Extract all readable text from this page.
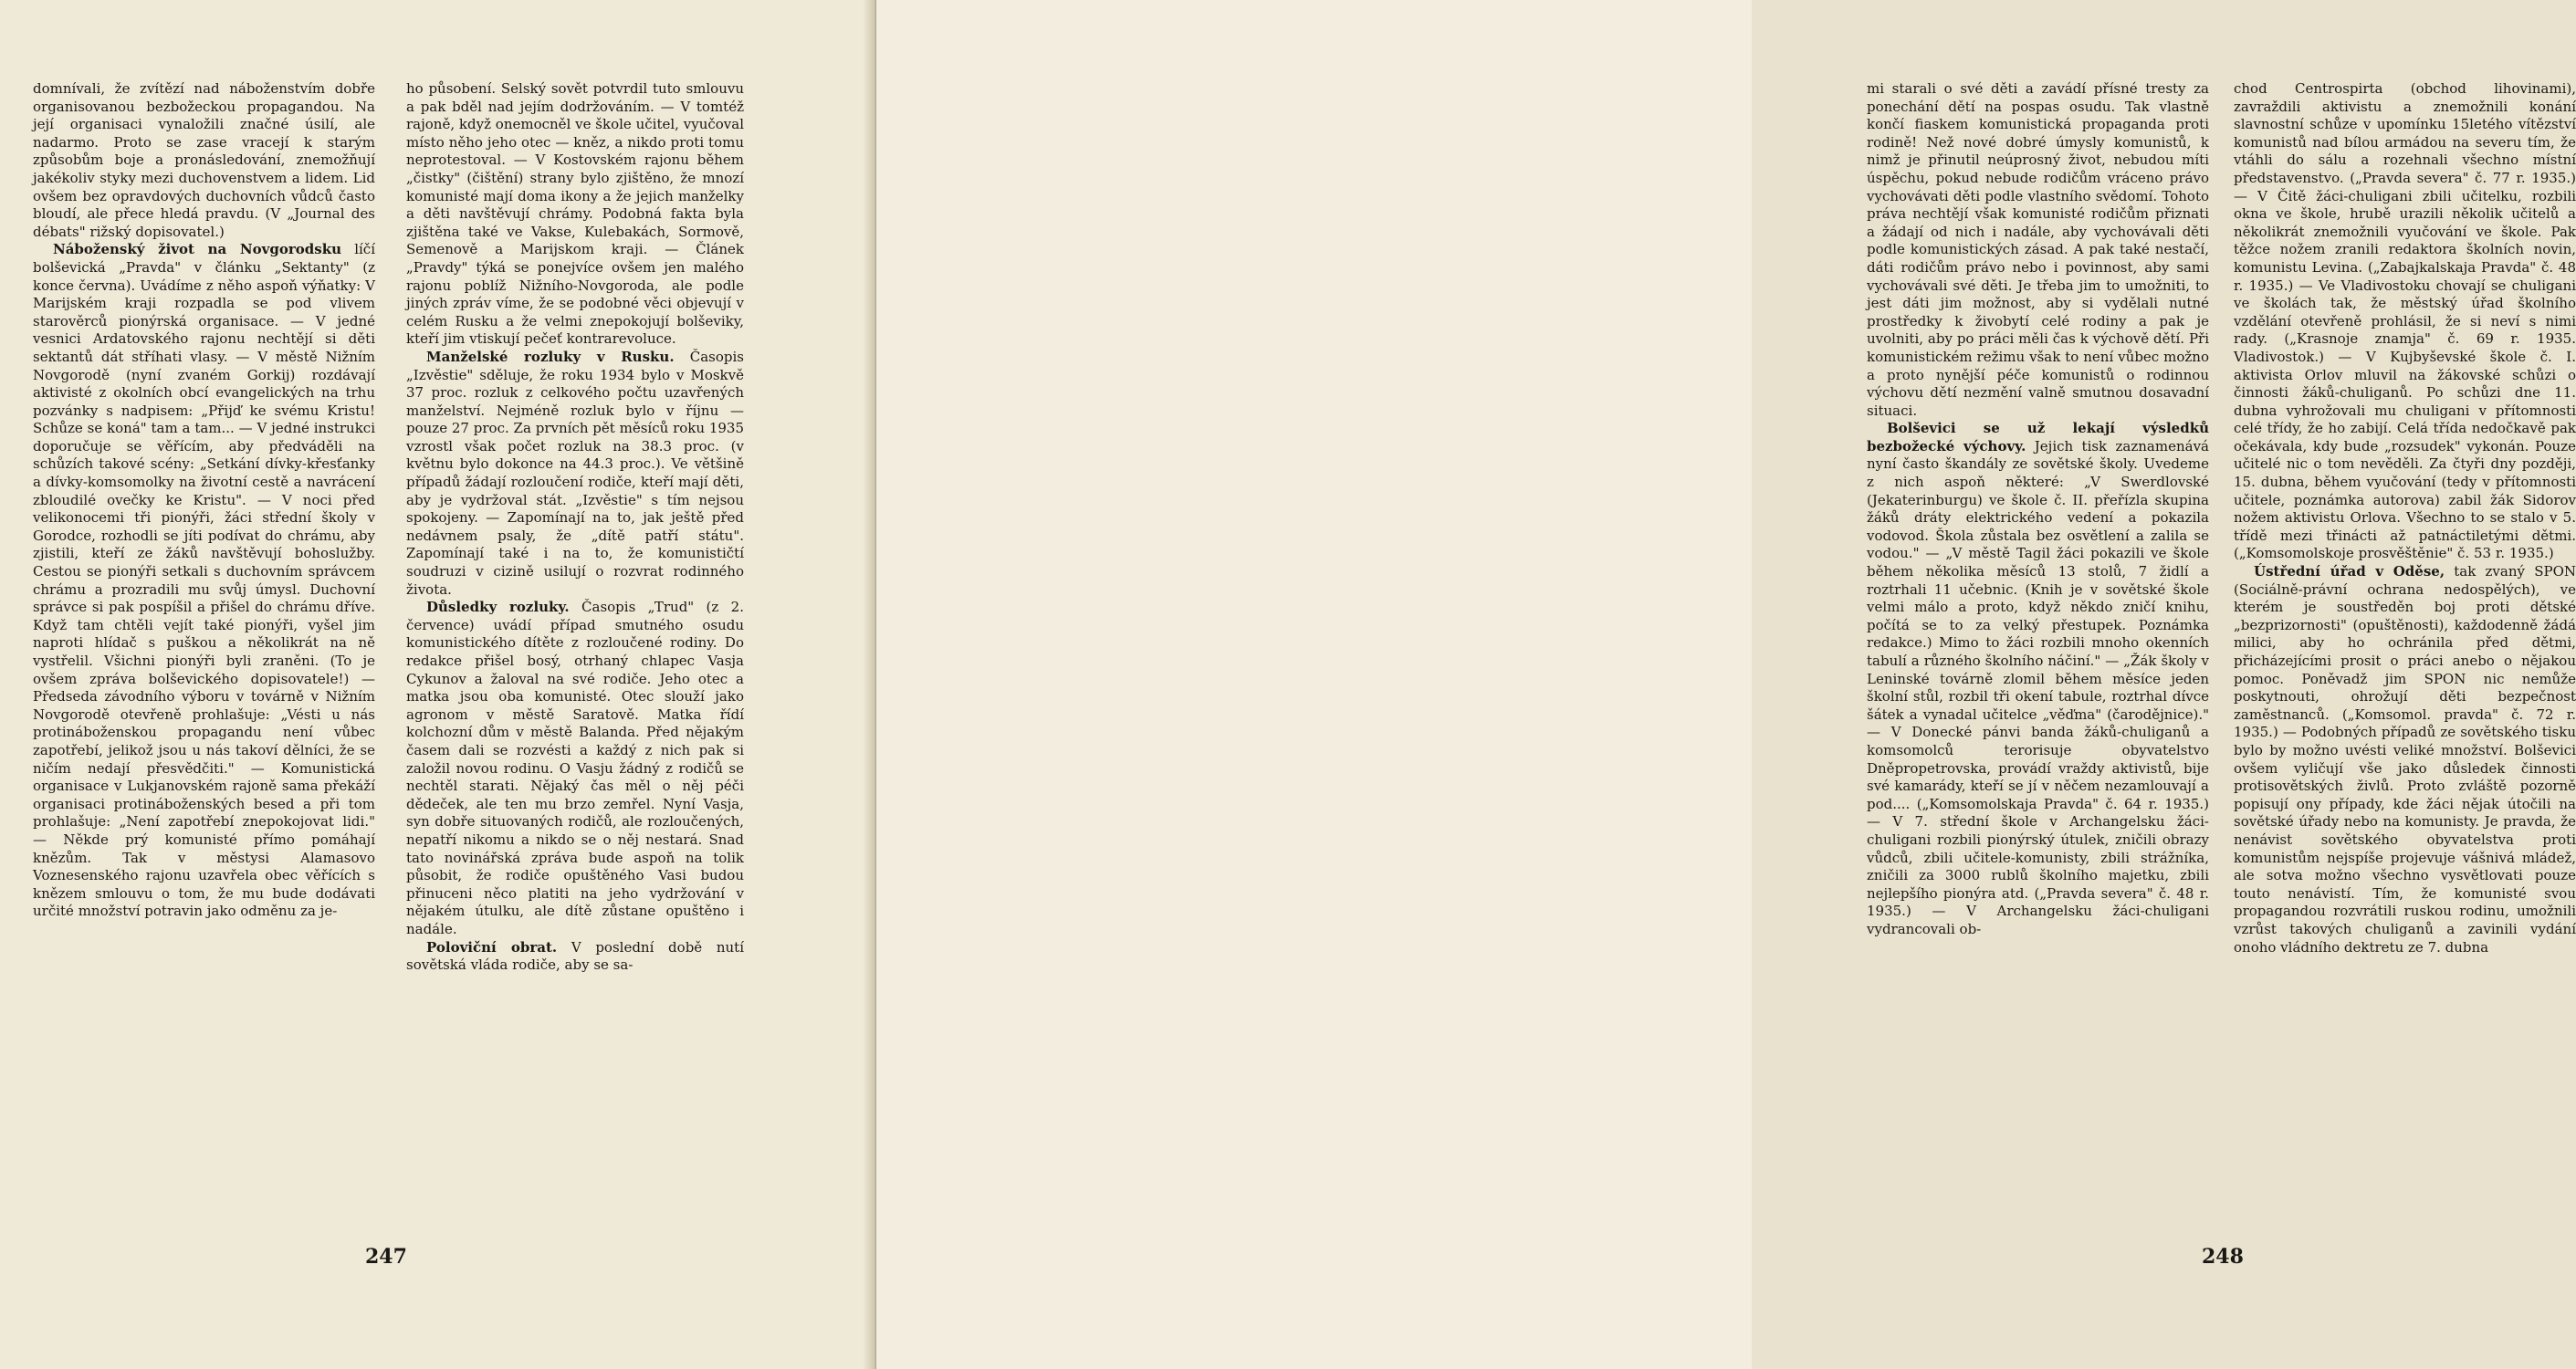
domnívali, že zvítězí nad náboženstvím dobře organisovanou bezbožeckou propagandou. Na její organisaci vynaložili značné úsilí, ale nadarmo. Proto se zase vracejí k starým způsobům boje a pronásledování, znemožňují jakékoliv styky mezi duchovenstvem a lidem. Lid ovšem bez opravdových duchovních vůdců často bloudí, ale přece hledá pravdu. (V „Journal des débats" rižský dopisovatel.)

Náboženský život na Novgorodsku líčí bolševická „Pravda" v článku „Sektanty" (z konce června). Uvádíme z něho aspoň výňatky: V Marijském kraji rozpadla se pod vlivem starověrců pionýrská organisace. — V jedné vesnici Ardatovského rajonu nechtějí si děti sektantů dát stříhati vlasy. — V městě Nižním Novgorodě (nyní zvaném Gorkij) rozdávají aktivisté z okolních obcí evangelických na trhu pozvánky s nadpisem: „Přijď ke svému Kristu! Schůze se koná" tam a tam... — V jedné instrukci doporučuje se věřícím, aby předváděli na schůzích takové scény: „Setkání dívky-křesťanky a dívky-komsomolky na životní cestě a navrácení zbloudilé ovečky ke Kristu". — V noci před velikonocemi tři pionýři, žáci střední školy v Gorodce, rozhodli se jíti podívat do chrámu, aby zjistili, kteří ze žáků navštěvují bohoslužby. Cestou se pionýři setkali s duchovním správcem chrámu a prozradili mu svůj úmysl. Duchovní správce si pak pospíšil a přišel do chrámu dříve. Když tam chtěli vejít také pionýři, vyšel jim naproti hlídač s puškou a několikrát na ně vystřelil. Všichni pionýři byli zraněni. (To je ovšem zpráva bolševického dopisovatele!) — Předseda závodního výboru v továrně v Nižním Novgorodě otevřeně prohlašuje: „Vésti u nás protináboženskou propagandu není vůbec zapotřebí, jelikož jsou u nás takoví dělníci, že se ničím nedají přesvědčiti." — Komunistická organisace v Lukjanovském rajoně sama překáží organisaci protináboženských besed a při tom prohlašuje: „Není zapotřebí znepokojovat lidi." — Někde prý komunisté přímo pomáhají knězům. Tak v městysi Alamasovo Voznesenského rajonu uzavřela obec věřících s knězem smlouvu o tom, že mu bude dodávati určité množství potravin jako odměnu za je-

ho působení. Selský sovět potvrdil tuto smlouvu a pak bděl nad jejím dodržováním. — V tomtéž rajoně, když onemocněl ve škole učitel, vyučoval místo něho jeho otec — kněz, a nikdo proti tomu neprotestoval. — V Kostovském rajonu během „čistky" (čištění) strany bylo zjištěno, že mnozí komunisté mají doma ikony a že jejich manželky a děti navštěvují chrámy. Podobná fakta byla zjištěna také ve Vakse, Kulebakách, Sormově, Semenově a Marijskom kraji. — Článek „Pravdy" týká se ponejvíce ovšem jen malého rajonu poblíž Nižního-Novgoroda, ale podle jiných zpráv víme, že se podobné věci objevují v celém Rusku a že velmi znepokojují bolševiky, kteří jim vtiskují pečeť kontrarevoluce.

Manželské rozluky v Rusku. Časopis „Izvěstie" sděluje, že roku 1934 bylo v Moskvě 37 proc. rozluk z celkového počtu uzavřených manželství. Nejméně rozluk bylo v říjnu — pouze 27 proc. Za prvních pět měsíců roku 1935 vzrostl však počet rozluk na 38.3 proc. (v květnu bylo dokonce na 44.3 proc.). Ve většině případů žádají rozloučení rodiče, kteří mají děti, aby je vydržoval stát. „Izvěstie" s tím nejsou spokojeny. — Zapomínají na to, jak ještě před nedávnem psaly, že „dítě patří státu". Zapomínají také i na to, že komunističtí soudruzi v cizině usilují o rozvrat rodinného života.

Důsledky rozluky. Časopis „Trud" (z 2. července) uvádí případ smutného osudu komunistického dítěte z rozloučené rodiny. Do redakce přišel bosý, otrhaný chlapec Vasja Cykunov a žaloval na své rodiče. Jeho otec a matka jsou oba komunisté. Otec slouží jako agronom v městě Saratově. Matka řídí kolchozní dům v městě Balanda. Před nějakým časem dali se rozvésti a každý z nich pak si založil novou rodinu. O Vasju žádný z rodičů se nechtěl starati. Nějaký čas měl o něj péči dědeček, ale ten mu brzo zemřel. Nyní Vasja, syn dobře situovaných rodičů, ale rozloučených, nepatří nikomu a nikdo se o něj nestará. Snad tato novinářská zpráva bude aspoň na tolik působit, že rodiče opuštěného Vasi budou přinuceni něco platiti na jeho vydržování v nějakém útulku, ale dítě zůstane opuštěno i nadále.

Poloviční obrat. V poslední době nutí sovětská vláda rodiče, aby se sa-

247

mi starali o své děti a zavádí přísné tresty za ponechání dětí na pospas osudu. Tak vlastně končí fiaskem komunistická propaganda proti rodině! Než nové dobré úmysly komunistů, k nimž je přinutil neúprosný život, nebudou míti úspěchu, pokud nebude rodičům vráceno právo vychovávati děti podle vlastního svědomí. Tohoto práva nechtějí však komunisté rodičům přiznati a žádají od nich i nadále, aby vychovávali děti podle komunistických zásad. A pak také nestačí, dáti rodičům právo nebo i povinnost, aby sami vychovávali své děti. Je třeba jim to umožniti, to jest dáti jim možnost, aby si vydělali nutné prostředky k živobytí celé rodiny a pak je uvolniti, aby po práci měli čas k výchově dětí. Při komunistickém režimu však to není vůbec možno a proto nynější péče komunistů o rodinnou výchovu dětí nezmění valně smutnou dosavadní situaci.

Bolševici se už lekají výsledků bezbožecké výchovy. Jejich tisk zaznamenává nyní často škandály ze sovětské školy. Uvedeme z nich aspoň některé: „V Swerdlovské (Jekaterinburgu) ve škole č. II. přeřízla skupina žáků dráty elektrického vedení a pokazila vodovod. Škola zůstala bez osvětlení a zalila se vodou." — „V městě Tagil žáci pokazili ve škole během několika měsíců 13 stolů, 7 židlí a roztrhali 11 učebnic. (Knih je v sovětské škole velmi málo a proto, když někdo zničí knihu, počítá se to za velký přestupek. Poznámka redakce.) Mimo to žáci rozbili mnoho okenních tabulí a různého školního náčiní." — „Žák školy v Leninské továrně zlomil během měsíce jeden školní stůl, rozbil tři okení tabule, roztrhal dívce šátek a vynadal učitelce „věďma" (čarodějnice)." — V Donecké pánvi banda žáků-chuliganů a komsomolců terorisuje obyvatelstvo Dněpropetrovska, provádí vraždy aktivistů, bije své kamarády, kteří se jí v něčem nezamlouvají a pod.... („Komsomolskaja Pravda" č. 64 r. 1935.) — V 7. střední škole v Archangelsku žáci-chuligani rozbili pionýrský útulek, zničili obrazy vůdců, zbili učitele-komunisty, zbili strážníka, zničili za 3000 rublů školního majetku, zbili nejlepšího pionýra atd. („Pravda severa" č. 48 r. 1935.) — V Archangelsku žáci-chuligani vydrancovali ob-

chod Centrospirta (obchod lihovinami), zavraždili aktivistu a znemožnili konání slavnostní schůze v upomínku 15letého vítězství komunistů nad bílou armádou na severu tím, že vtáhli do sálu a rozehnali všechno místní představenstvo. („Pravda severa" č. 77 r. 1935.) — V Čitě žáci-chuligani zbili učitelku, rozbili okna ve škole, hrubě urazili několik učitelů a několikrát znemožnili vyučování ve škole. Pak těžce nožem zranili redaktora školních novin, komunistu Levina. („Zabajkalskaja Pravda" č. 48 r. 1935.) — Ve Vladivostoku chovají se chuligani ve školách tak, že městský úřad školního vzdělání otevřeně prohlásil, že si neví s nimi rady. („Krasnoje znamja" č. 69 r. 1935. Vladivostok.) — V Kujbyševské škole č. I. aktivista Orlov mluvil na žákovské schůzi o činnosti žáků-chuliganů. Po schůzi dne 11. dubna vyhrožovali mu chuligani v přítomnosti celé třídy, že ho zabijí. Celá třída nedočkavě pak očekávala, kdy bude „rozsudek" vykonán. Pouze učitelé nic o tom nevěděli. Za čtyři dny později, 15. dubna, během vyučování (tedy v přítomnosti učitele, poznámka autorova) zabil žák Sidorov nožem aktivistu Orlova. Všechno to se stalo v 5. třídě mezi třinácti až patnáctiletými dětmi. („Komsomolskoje prosvěštěnie" č. 53 r. 1935.)

Ústřední úřad v Oděse, tak zvaný SPON (Sociálně-právní ochrana nedospělých), ve kterém je soustředěn boj proti dětské „bezprizornosti" (opuštěnosti), každodenně žádá milici, aby ho ochránila před dětmi, přicházejícími prosit o práci anebo o nějakou pomoc. Poněvadž jim SPON nic nemůže poskytnouti, ohrožují děti bezpečnost zaměstnanců. („Komsomol. pravda" č. 72 r. 1935.) — Podobných případů ze sovětského tisku bylo by možno uvésti veliké množství. Bolševici ovšem vyličují vše jako důsledek činnosti protisovětských živlů. Proto zvláště pozorně popisují ony případy, kde žáci nějak útočili na sovětské úřady nebo na komunisty. Je pravda, že nenávist sovětského obyvatelstva proti komunistům nejspíše projevuje vášnivá mládež, ale sotva možno všechno vysvětlovati pouze touto nenávistí. Tím, že komunisté svou propagandou rozvrátili ruskou rodinu, umožnili vzrůst takových chuliganů a zavinili vydání onoho vládního dektretu ze 7. dubna

248
